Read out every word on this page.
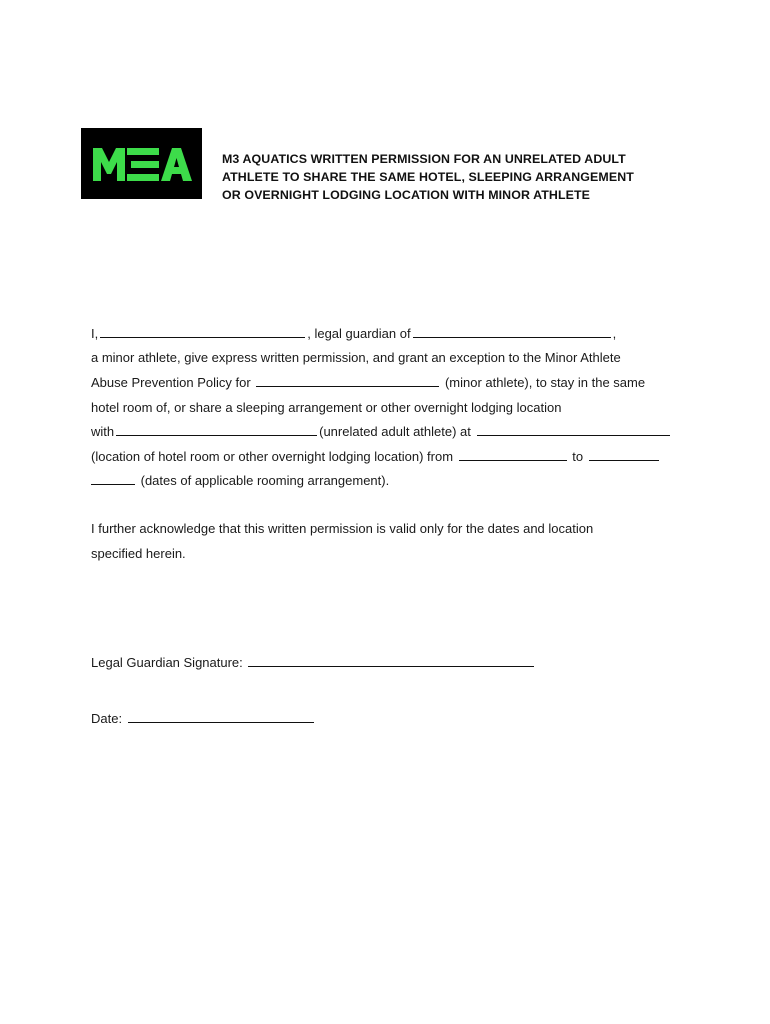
M3 AQUATICS WRITTEN PERMISSION FOR AN UNRELATED ADULT
ATHLETE TO SHARE THE SAME HOTEL, SLEEPING ARRANGEMENT
OR OVERNIGHT LODGING LOCATION WITH MINOR ATHLETE
I,	, legal guardian of	,
a minor athlete, give express written permission, and grant an exception to the Minor Athlete
Abuse Prevention Policy for	(minor athlete), to stay in the same
hotel room of, or share a sleeping arrangement or other overnight lodging location
with	(unrelated adult athlete) at
(location of hotel room or other overnight lodging location) from	to
(dates of applicable rooming arrangement).
I further acknowledge that this written permission is valid only for the dates and location
specified herein.
Legal Guardian Signature:
Date:
